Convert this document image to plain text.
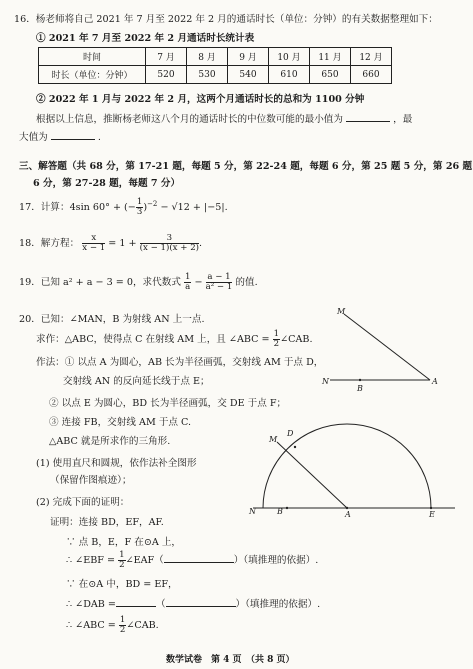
16．杨老师将自己 2021 年 7 月至 2022 年 2 月的通话时长（单位：分钟）的有关数据整理如下：
① 2021 年 7 月至 2022 年 2 月通话时长统计表
时间	7 月	8 月	9 月	10 月	11 月	12 月
时长（单位：分钟）	520	530	540	610	650	660
② 2022 年 1 月与 2022 年 2 月，这两个月通话时长的总和为 1100 分钟
根据以上信息，推断杨老师这八个月的通话时长的中位数可能的最小值为	，最
大值为	.
三、解答题（共 68 分，第 17-21 题，每题 5 分，第 22-24 题，每题 6 分，第 25 题 5 分，第 26 题
6 分，第 27-28 题，每题 7 分）
17．计算：4sin 60° + (− $\frac{1}{3} )^{-2} - √12 + |-5|$.
18．解方程： $\frac{x}{x - 1} = 1 + \frac{3}{(x - 1)(x + 2)}$ .
19．已知 a² + a − 3 = 0，求代数式 $\frac{1}{a} - \frac{a - 1}{\text{a² − 1}}$ 的值.
20．已知：∠MAN，B 为射线 AN 上一点.
求作：△ABC，使得点 C 在射线 AM 上，且 ∠ABC = $\frac{1}{2}$ ∠CAB.
作法：① 以点 A 为圆心，AB 长为半径画弧，交射线 AM 于点 D，
交射线 AN 的反向延长线于点 E；
② 以点 E 为圆心，BD 长为半径画弧，交 DE 于点 F；
③ 连接 FB，交射线 AM 于点 C.
△ABC 就是所求作的三角形.
(1) 使用直尺和圆规，依作法补全图形
（保留作图痕迹）；
(2) 完成下面的证明：
证明：连接 BD，EF，AF.
∵ 点 B，E，F 在⊙A 上，
∴ ∠EBF = $\frac{1}{2}$ ∠EAF（	）（填推理的依据）.
∵ 在⊙A 中，BD = EF，
∴ ∠DAB =	（	）（填推理的依据）.
∴ ∠ABC = $\frac{1}{2}$ ∠CAB.
M
N
B
A
M
D
N	B	A	E
数学试卷　第 4 页　（共 8 页）
